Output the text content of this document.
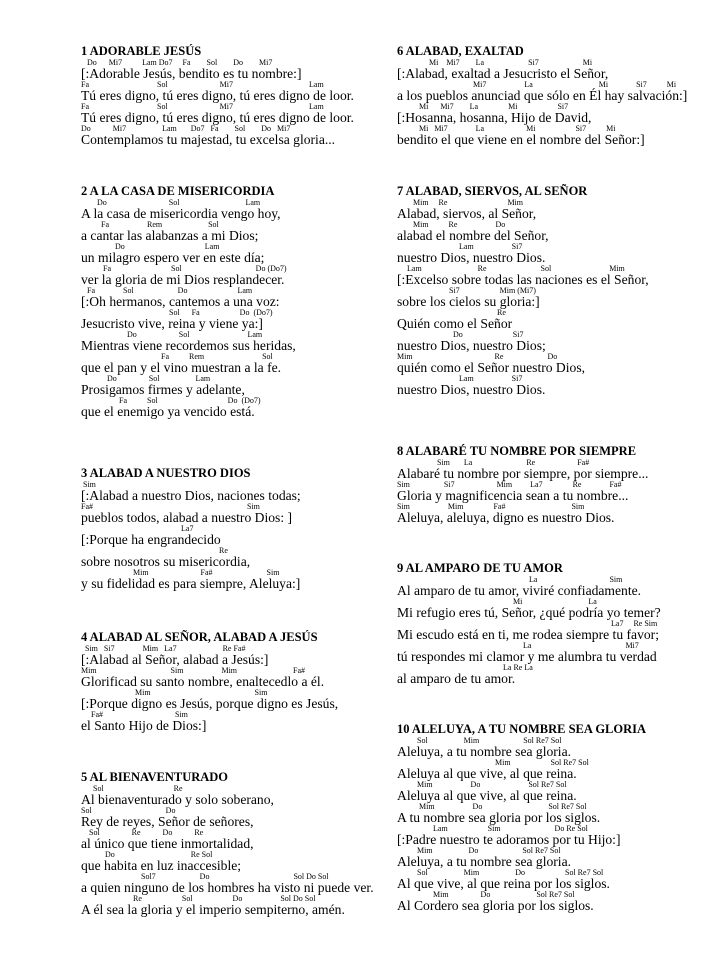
1 ADORABLE JESÚS
Do      Mi7          Lam Do7     Fa        Sol        Do        Mi7
[:Adorable Jesús, bendito es tu nombre:]
Fa                                  Sol                          Mi7                                      Lam
Tú eres digno, tú eres digno, tú eres digno de loor.
Fa                                  Sol                          Mi7                                      Lam
Tú eres digno, tú eres digno, tú eres digno de loor.
Do           Mi7                  Lam       Do7   Fa        Sol        Do   Mi7
Contemplamos tu majestad, tu excelsa gloria...
2 A LA CASA DE MISERICORDIA
Do                               Sol                                 Lam
A la casa de misericordia vengo hoy,
Fa                   Rem                       Sol
a cantar las alabanzas a mi Dios;
Do                                        Lam
un milagro espero ver en este día;
Fa                              Sol                                     Do (Do7)
ver la gloria de mi Dios resplandecer.
Fa              Sol                      Do                         Lam
[:Oh hermanos, cantemos a una voz:
Sol      Fa                    Do  (Do7)
Jesucristo vive, reina y viene ya:]
Do                     Sol                             Lam
Mientras viene recordemos sus heridas,
Fa          Rem                             Sol
que el pan y el vino muestran a la fe.
Do                Sol                  Lam
Prosigamos firmes y adelante,
Fa          Sol                                   Do  (Do7)
que el enemigo ya vencido está.
3 ALABAD A NUESTRO DIOS
Sim
[:Alabad a nuestro Dios, naciones todas;
Fa#                                                                             Sim
pueblos todos, alabad a nuestro Dios: ]
La7
[:Porque ha engrandecido
Re
sobre nosotros su misericordia,
Mim                          Fa#                           Sim
y su fidelidad es para siempre, Aleluya:]
4 ALABAD AL SEÑOR, ALABAD A JESÚS
Sim   Si7              Mim   La7                       Re Fa#
[:Alabad al Señor, alabad a Jesús:]
Mim                                     Sim                   Mim                            Fa#
Glorificad su santo nombre, enaltecedlo a él.
Mim                                                    Sim
[:Porque digno es Jesús, porque digno es Jesús,
Fa#                                    Sim
el Santo Hijo de Dios:]
5 AL BIENAVENTURADO
Sol                                   Re
Al bienaventurado y solo soberano,
Sol                                     Do
Rey de reyes, Señor de señores,
Sol                Re           Do           Re
al único que tiene inmortalidad,
Do                                      Re Sol
que habita en luz inaccesible;
Sol7                      Do                                          Sol Do Sol
a quien ninguno de los hombres ha visto ni puede ver.
Re                    Sol                    Do                   Sol Do Sol
A él sea la gloria y el imperio sempiterno, amén.
6 ALABAD, EXALTAD
Mi    Mi7        La                      Si7                      Mi
[:Alabad, exaltad a Jesucristo el Señor,
Mi7                   La                                 Mi              Si7          Mi
a los pueblos anunciad que sólo en Él hay salvación:]
Mi      Mi7        La               Mi                    Si7
[:Hosanna, hosanna, Hijo de David,
Mi   Mi7              La                     Mi                    Si7          Mi
bendito el que viene en el nombre del Señor:]
7 ALABAD, SIERVOS, AL SEÑOR
Mim     Re                              Mim
Alabad, siervos, al Señor,
Mim          Re                   Do
alabad el nombre del Señor,
Lam                   Si7
nuestro Dios, nuestro Dios.
Lam                            Re                           Sol                             Mim
[:Excelso sobre todas las naciones es el Señor,
Si7                    Mim (Mi7)
sobre los cielos su gloria:]
Re
Quién como el Señor
Do                         Si7
nuestro Dios, nuestro Dios;
Mim                                         Re                      Do
quién como el Señor nuestro Dios,
Lam                   Si7
nuestro Dios, nuestro Dios.
8 ALABARÉ TU NOMBRE POR SIEMPRE
Sim       La                           Re                     Fa#
Alabaré tu nombre por siempre, por siempre...
Sim                 Si7                     Mim         La7               Re              Fa#
Gloria y magnificencia sean a tu nombre...
Sim                   Mim               Fa#                                 Sim
Aleluya, aleluya, digno es nuestro Dios.
9 AL AMPARO DE TU AMOR
La                                    Sim
Al amparo de tu amor, viviré confiadamente.
Mi                                 La
Mi refugio eres tú, Señor, ¿qué podría yo temer?
La7     Re Sim
Mi escudo está en ti, me rodea siempre tu favor;
La                                               Mi7
tú respondes mi clamor y me alumbra tu verdad
La Re La
al amparo de tu amor.
10 ALELUYA, A TU NOMBRE SEA GLORIA
Sol                  Mim                      Sol Re7 Sol
Aleluya, a tu nombre sea gloria.
Mim                    Sol Re7 Sol
Aleluya al que vive, al que reina.
Mim                   Do                        Sol Re7 Sol
Aleluya al que vive, al que reina.
Mim                   Do                                 Sol Re7 Sol
A tu nombre sea gloria por los siglos.
Lam                    Sim                           Do Re Sol
[:Padre nuestro te adoramos por tu Hijo:]
Mim                  Do                      Sol Re7 Sol
Aleluya, a tu nombre sea gloria.
Sol                  Mim                  Do                    Sol Re7 Sol
Al que vive, al que reina por los siglos.
Mim                Do                       Sol Re7 Sol
Al Cordero sea gloria por los siglos.
